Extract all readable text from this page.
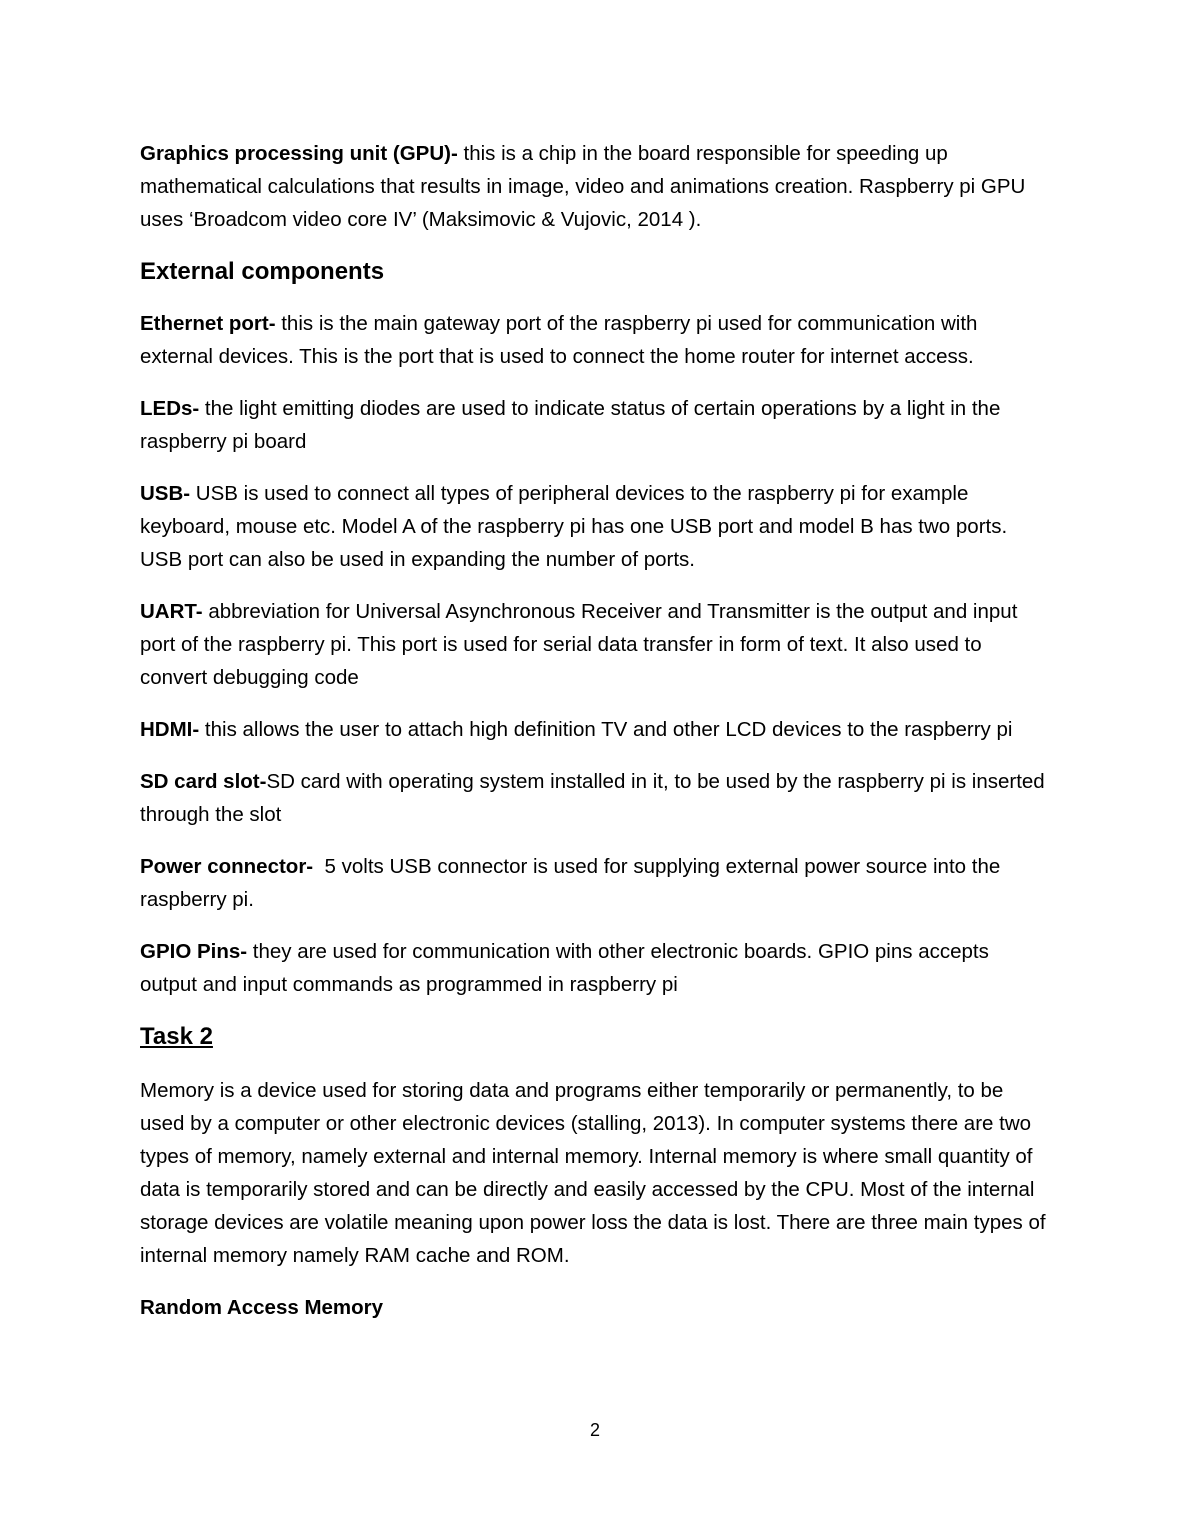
Graphics processing unit (GPU)- this is a chip in the board responsible for speeding up mathematical calculations that results in image, video and animations creation. Raspberry pi GPU uses ‘Broadcom video core IV’ (Maksimovic & Vujovic, 2014 ).

External components

Ethernet port- this is the main gateway port of the raspberry pi used for communication with external devices. This is the port that is used to connect the home router for internet access.

LEDs- the light emitting diodes are used to indicate status of certain operations by a light in the raspberry pi board

USB- USB is used to connect all types of peripheral devices to the raspberry pi for example keyboard, mouse etc. Model A of the raspberry pi has one USB port and model B has two ports. USB port can also be used in expanding the number of ports.

UART- abbreviation for Universal Asynchronous Receiver and Transmitter is the output and input port of the raspberry pi. This port is used for serial data transfer in form of text. It also used to convert debugging code

HDMI- this allows the user to attach high definition TV and other LCD devices to the raspberry pi

SD card slot-SD card with operating system installed in it, to be used by the raspberry pi is inserted through the slot

Power connector-  5 volts USB connector is used for supplying external power source into the raspberry pi.

GPIO Pins- they are used for communication with other electronic boards. GPIO pins accepts output and input commands as programmed in raspberry pi

Task 2

Memory is a device used for storing data and programs either temporarily or permanently, to be used by a computer or other electronic devices (stalling, 2013). In computer systems there are two types of memory, namely external and internal memory. Internal memory is where small quantity of data is temporarily stored and can be directly and easily accessed by the CPU. Most of the internal storage devices are volatile meaning upon power loss the data is lost. There are three main types of internal memory namely RAM cache and ROM.

Random Access Memory
2
